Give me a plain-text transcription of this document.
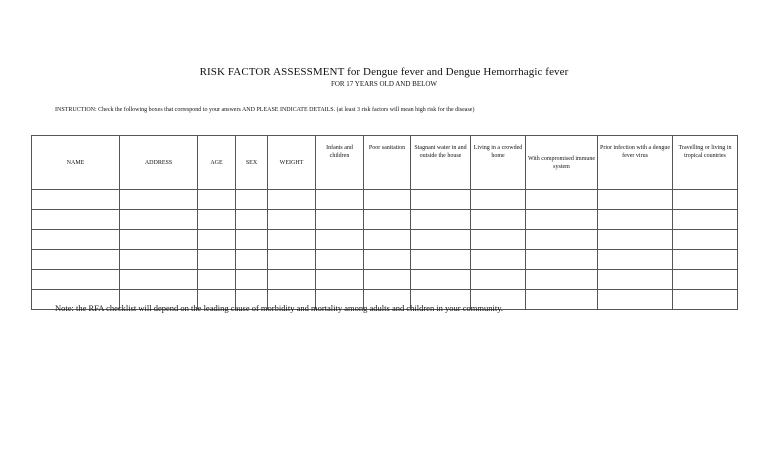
RISK FACTOR ASSESSMENT for Dengue fever and Dengue Hemorrhagic fever
FOR 17 YEARS OLD AND BELOW
INSTRUCTION: Check the following boxes that correspond to your answers AND PLEASE INDICATE DETAILS. (at least 3 risk factors will mean high risk for the disease)
NAME	ADDRESS	AGE	SEX	WEIGHT	Infants and children	Poor sanitation	Stagnant water in and outside the house	Living in a crowded home	With compromised immune system	Prior infection with a dengue fever virus	Travelling or living in tropical countries

Note: the RFA checklist will depend on the leading cause of morbidity and mortality among adults and children in your community.
